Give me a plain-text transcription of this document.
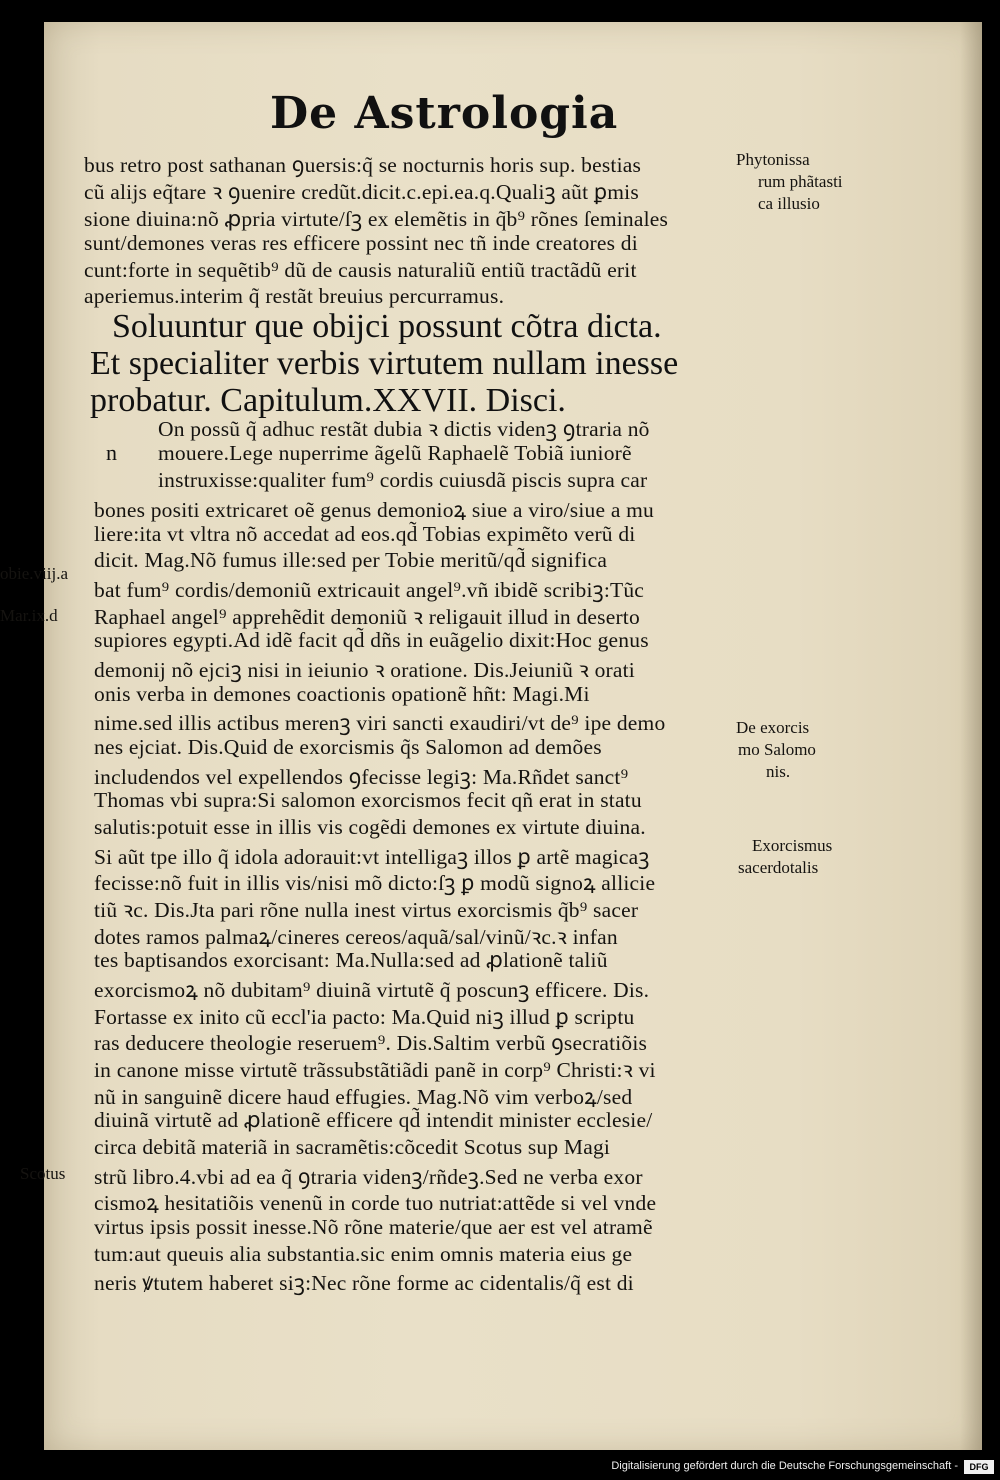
De Astrologia
bus retro post sathanan ꝯuersis:q̃ se nocturnis horis sup. bestias
cũ alijs eq̃tare ꝛ ꝯuenire credũt.dicit.c.epi.ea.q.Qualiꝫ aũt ꝑmis
sione diuina:nõ ꝓpria virtute/ſꝫ ex elemẽtis in q̃b⁹ rõnes ſeminales
sunt/demones veras res efficere possint nec tñ inde creatores di
cunt:forte in sequẽtib⁹ dũ de causis naturaliũ entiũ tractãdũ erit
aperiemus.interim q̃ restãt breuius percurramus.
Soluuntur que obijci possunt cõtra dicta.
Et specialiter verbis virtutem nullam inesse
probatur. Capitulum.XXVII. Disci.
n
On possũ q̃ adhuc restãt dubia ꝛ dictis videnꝫ ꝯtraria nõ
mouere.Lege nuperrime ãgelũ Raphaelẽ Tobiã iuniorẽ
instruxisse:qualiter fum⁹ cordis cuiusdã piscis supra car
bones positi extricaret oẽ genus demonioꝝ siue a viro/siue a mu
liere:ita vt vltra nõ accedat ad eos.qd̃ Tobias expimẽto verũ di
dicit. Mag.Nõ fumus ille:sed per Tobie meritũ/qd̃ significa
bat fum⁹ cordis/demoniũ extricauit angel⁹.vñ ibidẽ scribiꝫ:Tũc
Raphael angel⁹ apprehẽdit demoniũ ꝛ religauit illud in deserto
supiores egypti.Ad idẽ facit qd̃ dñs in euãgelio dixit:Hoc genus
demonij nõ ejciꝫ nisi in ieiunio ꝛ oratione. Dis.Jeiuniũ ꝛ orati
onis verba in demones coactionis opationẽ hñt: Magi.Mi
nime.sed illis actibus merenꝫ viri sancti exaudiri/vt de⁹ ipe demo
nes ejciat. Dis.Quid de exorcismis q̃s Salomon ad demões
includendos vel expellendos ꝯfecisse legiꝫ: Ma.Rñdet sanct⁹
Thomas vbi supra:Si salomon exorcismos fecit qñ erat in statu
salutis:potuit esse in illis vis cogẽdi demones ex virtute diuina.
Si aũt tpe illo q̃ idola adorauit:vt intelligaꝫ illos ꝑ artẽ magicaꝫ
fecisse:nõ fuit in illis vis/nisi mõ dicto:ſꝫ ꝑ modũ signoꝝ allicie
tiũ ꝛc. Dis.Jta pari rõne nulla inest virtus exorcismis q̃b⁹ sacer
dotes ramos palmaꝝ/cineres cereos/aquã/sal/vinũ/ꝛc.ꝛ infan
tes baptisandos exorcisant: Ma.Nulla:sed ad ꝓlationẽ taliũ
exorcismoꝝ nõ dubitam⁹ diuinã virtutẽ q̃ poscunꝫ efficere. Dis.
Fortasse ex inito cũ eccl'ia pacto: Ma.Quid niꝫ illud ꝑ scriptu
ras deducere theologie reseruem⁹. Dis.Saltim verbũ ꝯsecratiõis
in canone misse virtutẽ trãssubstãtiãdi panẽ in corp⁹ Christi:ꝛ vi
nũ in sanguinẽ dicere haud effugies. Mag.Nõ vim verboꝝ/sed
diuinã virtutẽ ad ꝓlationẽ efficere qd̃ intendit minister ecclesie/
circa debitã materiã in sacramẽtis:cõcedit Scotus sup Magi
strũ libro.4.vbi ad ea q̃ ꝯtraria videnꝫ/rñdeꝫ.Sed ne verba exor
cismoꝝ hesitatiõis venenũ in corde tuo nutriat:attẽde si vel vnde
virtus ipsis possit inesse.Nõ rõne materie/que aer est vel atramẽ
tum:aut queuis alia substantia.sic enim omnis materia eius ge
neris ꝟtutem haberet siꝫ:Nec rõne forme ac cidentalis/q̃ est di
Phytonissa
rum phãtasti
ca illusio
De exorcis
mo Salomo
nis.
Exorcismus
sacerdotalis
obie.viij.a
Mar.ix.d
Scotus
Digitalisierung gefördert durch die Deutsche Forschungsgemeinschaft -	DFG
